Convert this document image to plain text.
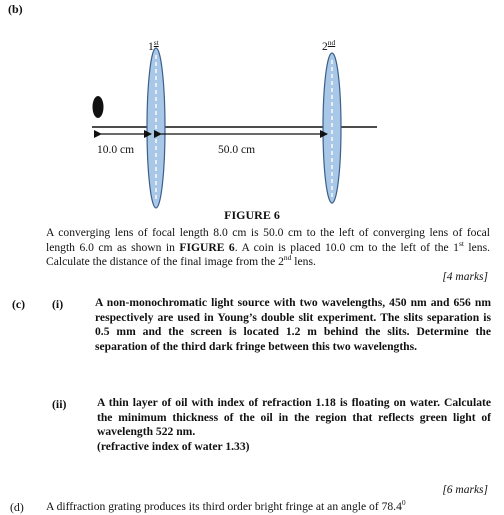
(b)
1st	2nd
10.0 cm	50.0 cm
FIGURE 6
A converging lens of focal length 8.0 cm is 50.0 cm to the left of converging lens of focal length 6.0 cm as shown in FIGURE 6. A coin is placed 10.0 cm to the left of the 1st lens. Calculate the distance of the final image from the 2nd lens.
[4 marks]
(c) (i)	A non-monochromatic light source with two wavelengths, 450 nm and 656 nm respectively are used in Young’s double slit experiment. The slits separation is 0.5 mm and the screen is located 1.2 m behind the slits. Determine the separation of the third dark fringe between this two wavelengths.
(ii)	A thin layer of oil with index of refraction 1.18 is floating on water. Calculate the minimum thickness of the oil in the region that reflects green light of wavelength 522 nm.
(refractive index of water 1.33)
[6 marks]
(d) A diffraction grating produces its third order bright fringe at an angle of 78.4$^0$
